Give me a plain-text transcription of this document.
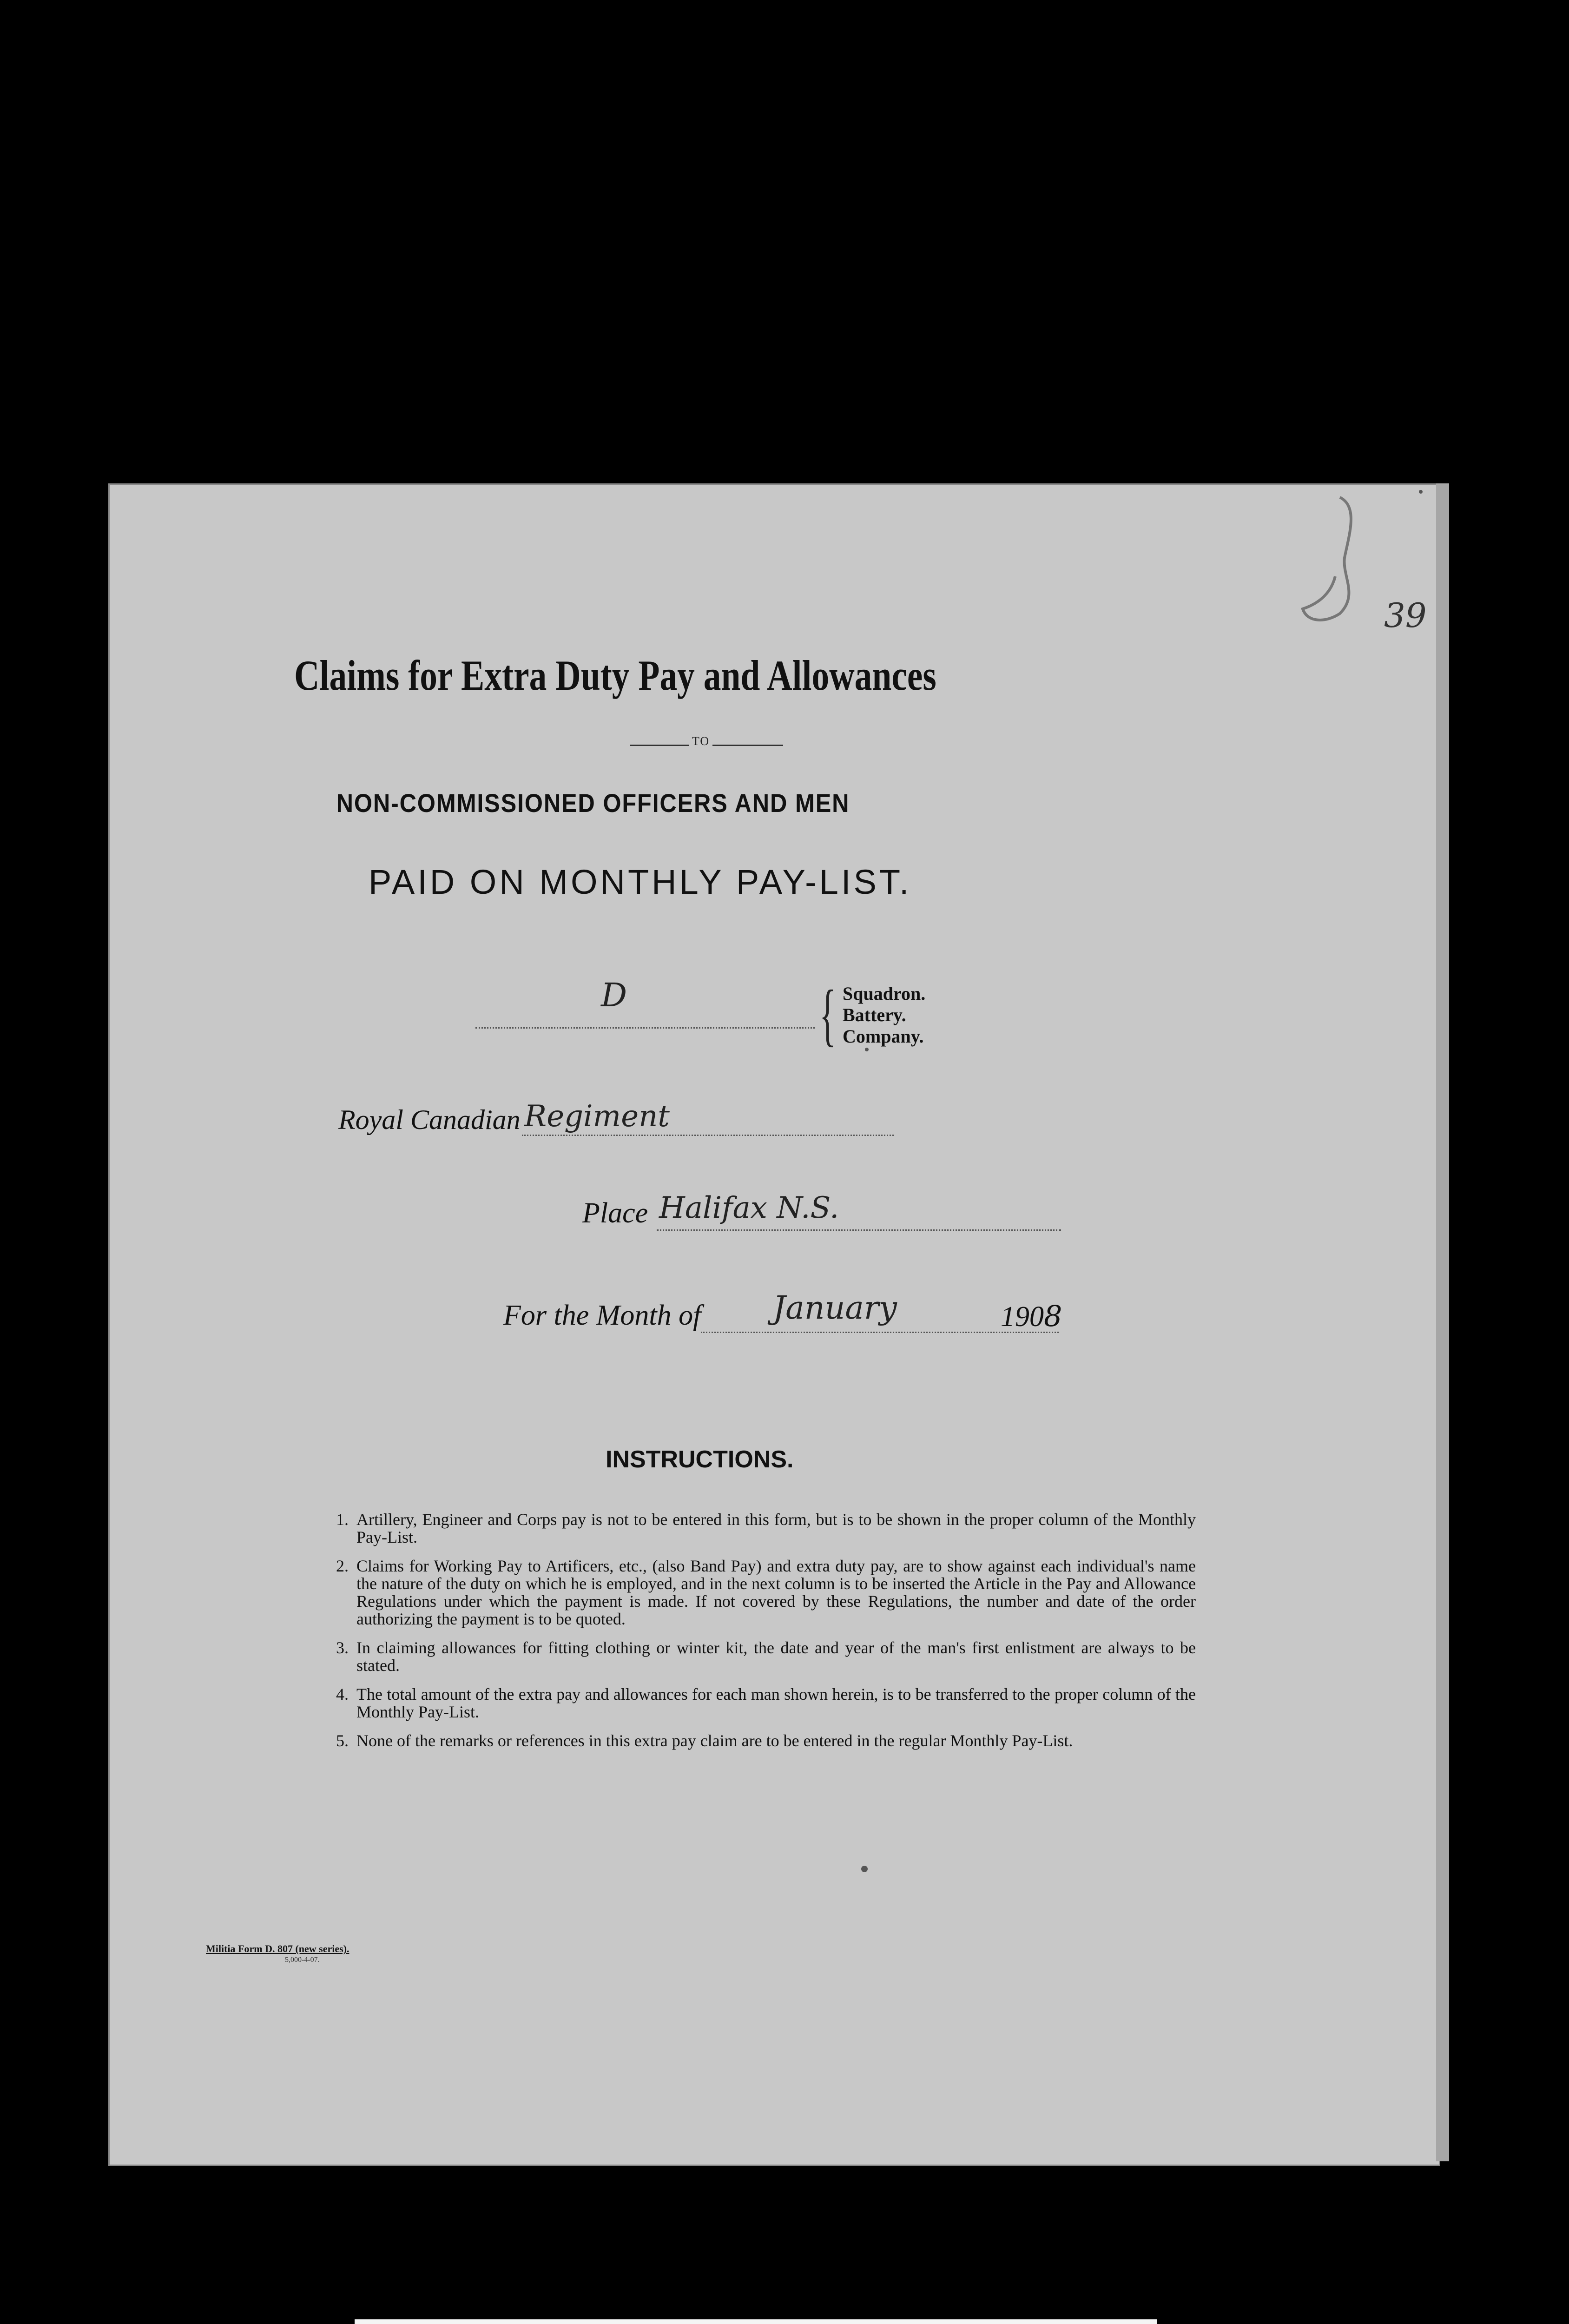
39
Claims for Extra Duty Pay and Allowances
TO
NON-COMMISSIONED OFFICERS AND MEN
PAID ON MONTHLY PAY-LIST.
D	{ Squadron.
Battery.
Company.
Royal Canadian Regiment
Place Halifax N.S.
For the Month of January	1908
INSTRUCTIONS.
1. Artillery, Engineer and Corps pay is not to be entered in this form, but is to be shown in the proper column of the Monthly Pay-List.
2. Claims for Working Pay to Artificers, etc., (also Band Pay) and extra duty pay, are to show against each individual's name the nature of the duty on which he is employed, and in the next column is to be inserted the Article in the Pay and Allowance Regulations under which the payment is made. If not covered by these Regulations, the number and date of the order authorizing the payment is to be quoted.
3. In claiming allowances for fitting clothing or winter kit, the date and year of the man's first enlistment are always to be stated.
4. The total amount of the extra pay and allowances for each man shown herein, is to be transferred to the proper column of the Monthly Pay-List.
5. None of the remarks or references in this extra pay claim are to be entered in the regular Monthly Pay-List.
Militia Form D. 807 (new series).
5,000-4-07.
